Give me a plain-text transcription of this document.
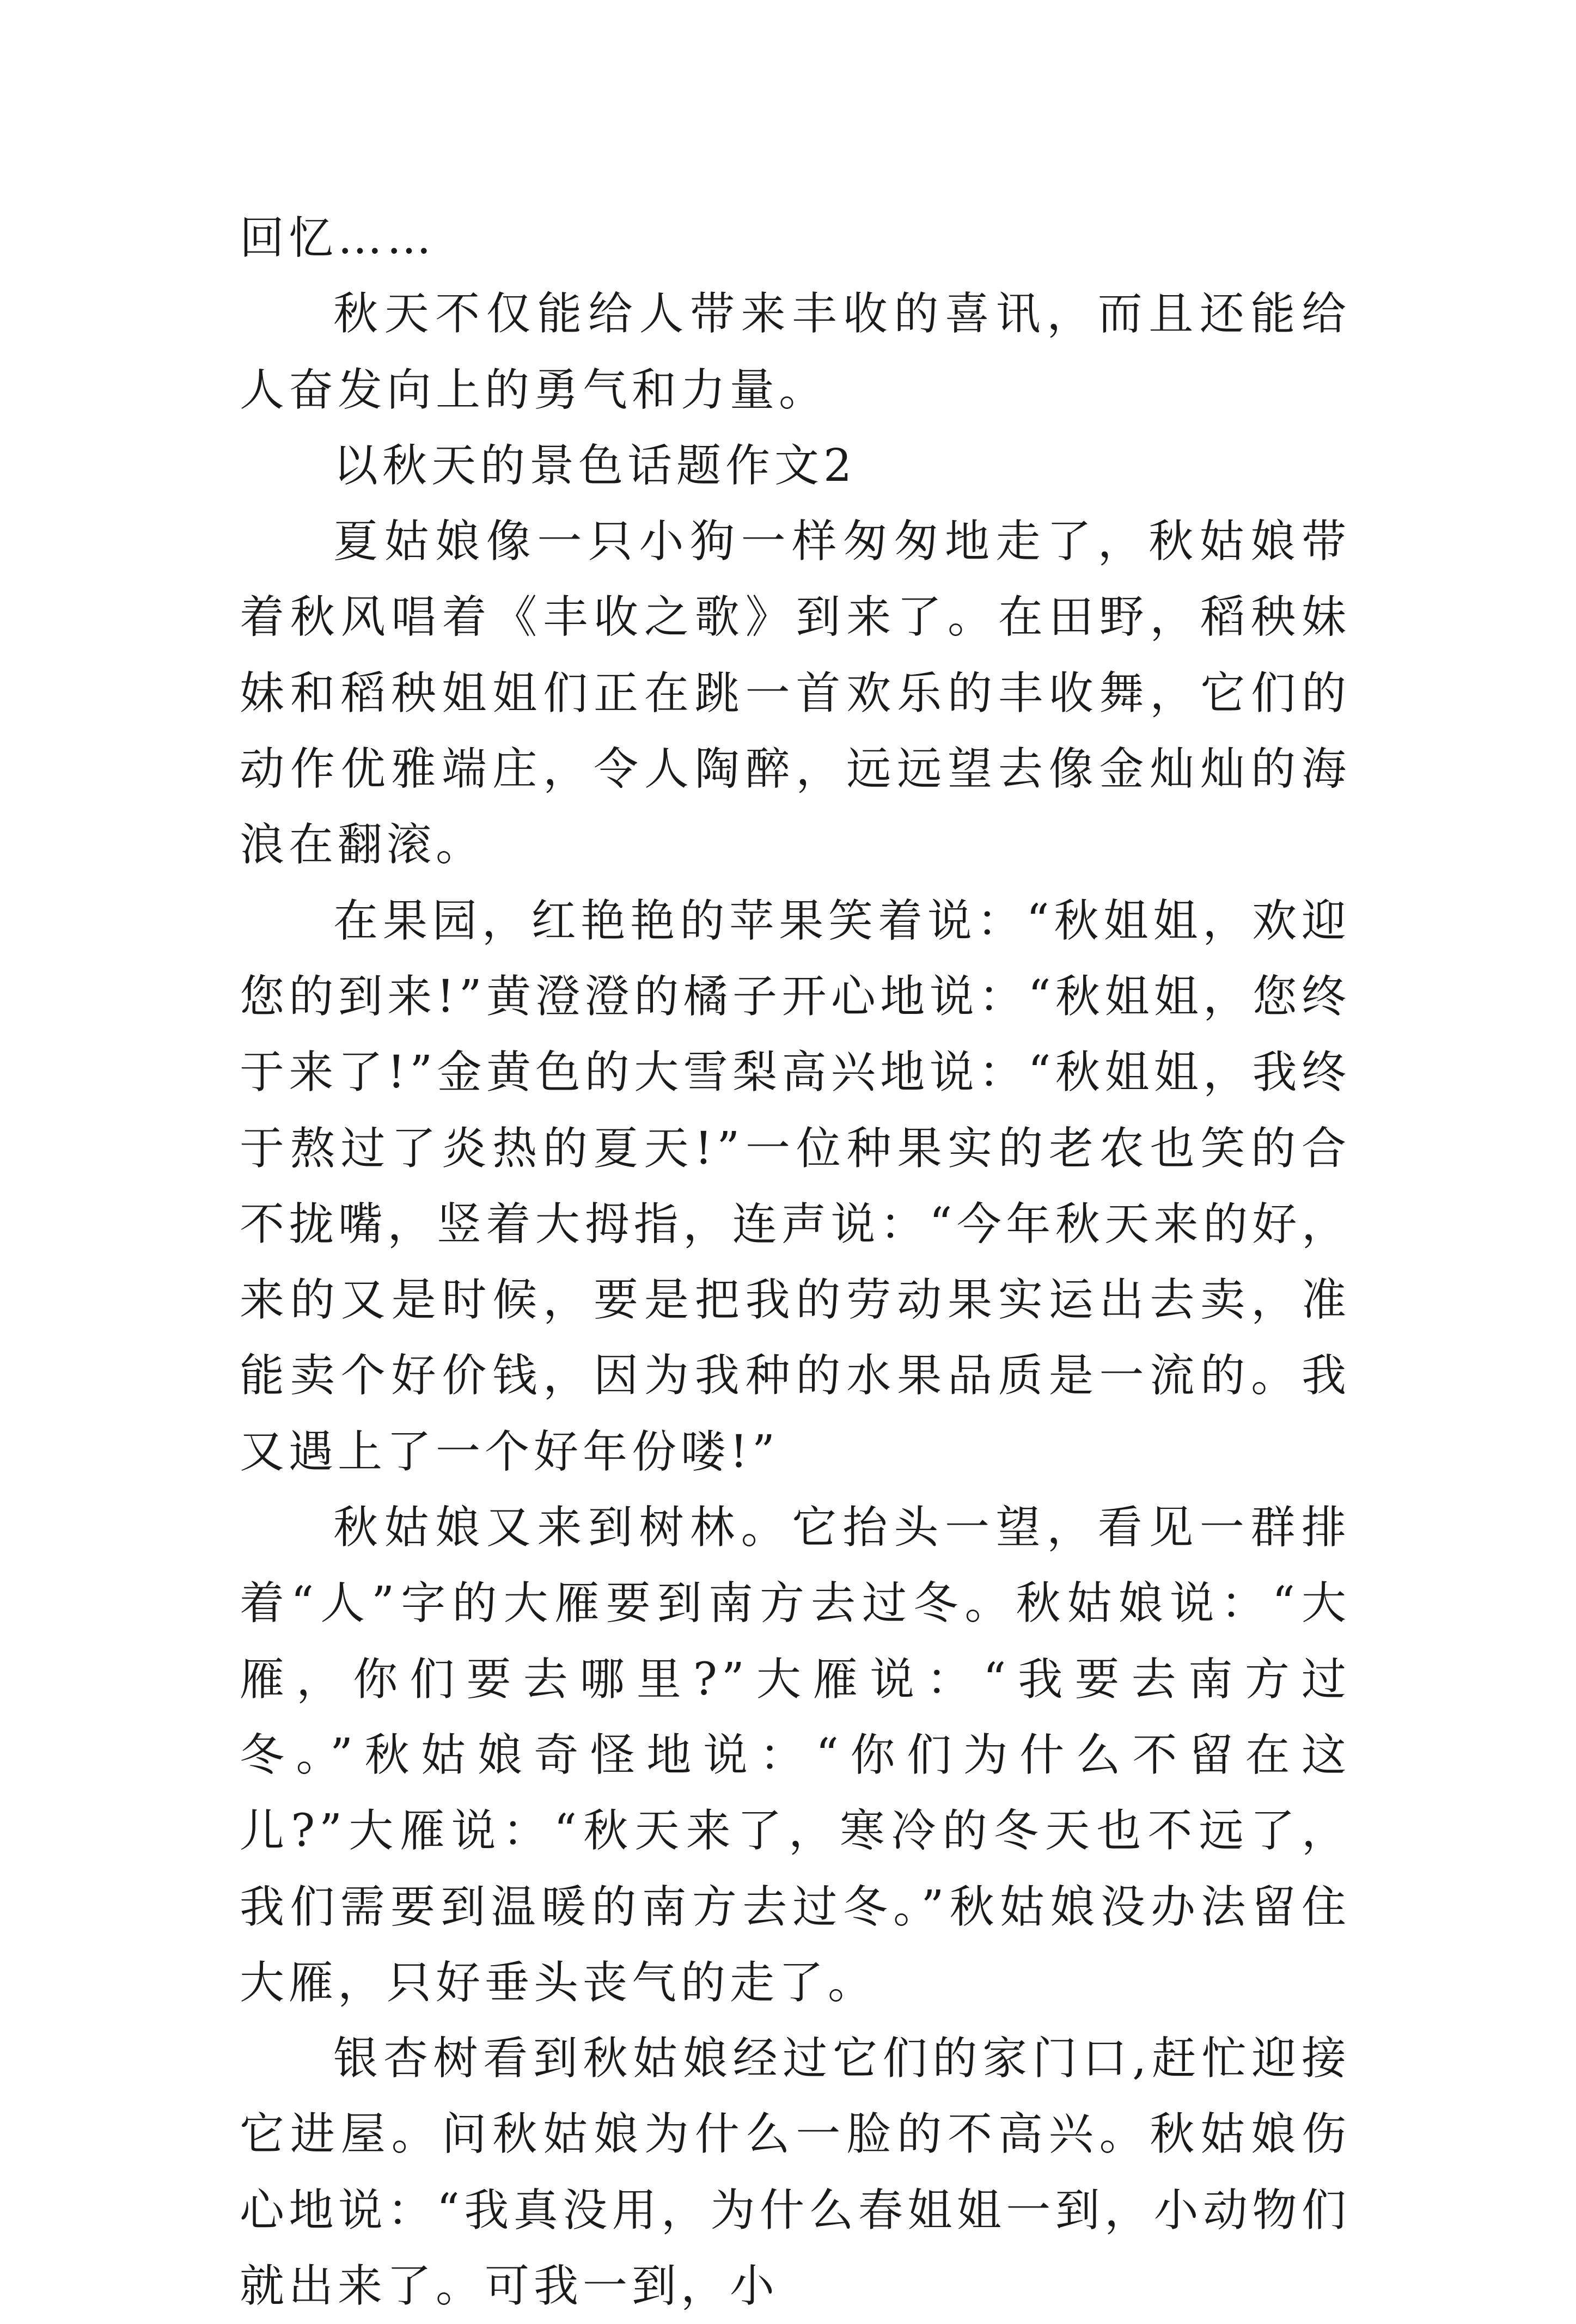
回忆……

秋天不仅能给人带来丰收的喜讯，而且还能给人奋发向上的勇气和力量。

以秋天的景色话题作文2

夏姑娘像一只小狗一样匆匆地走了，秋姑娘带着秋风唱着《丰收之歌》到来了。在田野，稻秧妹妹和稻秧姐姐们正在跳一首欢乐的丰收舞，它们的动作优雅端庄，令人陶醉，远远望去像金灿灿的海浪在翻滚。

在果园，红艳艳的苹果笑着说：“秋姐姐，欢迎您的到来!”黄澄澄的橘子开心地说：“秋姐姐，您终于来了!”金黄色的大雪梨高兴地说：“秋姐姐，我终于熬过了炎热的夏天!”一位种果实的老农也笑的合不拢嘴，竖着大拇指，连声说：“今年秋天来的好，来的又是时候，要是把我的劳动果实运出去卖，准能卖个好价钱，因为我种的水果品质是一流的。我又遇上了一个好年份喽!”

秋姑娘又来到树林。它抬头一望，看见一群排着“人”字的大雁要到南方去过冬。秋姑娘说：“大雁，你们要去哪里?”大雁说：“我要去南方过冬。”秋姑娘奇怪地说：“你们为什么不留在这儿?”大雁说：“秋天来了，寒冷的冬天也不远了，我们需要到温暖的南方去过冬。”秋姑娘没办法留住大雁，只好垂头丧气的走了。

银杏树看到秋姑娘经过它们的家门口,赶忙迎接它进屋。问秋姑娘为什么一脸的不高兴。秋姑娘伤心地说：“我真没用，为什么春姐姐一到，小动物们就出来了。可我一到，小
